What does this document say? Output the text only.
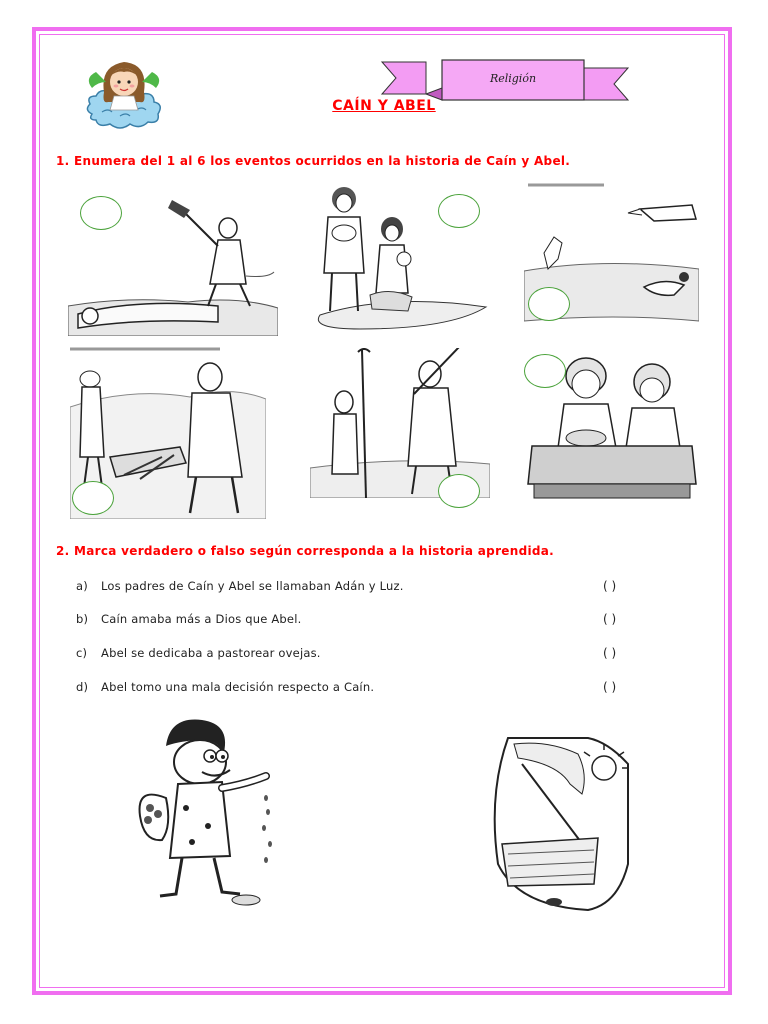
Religión
CAÍN Y ABEL
1. Enumera del 1 al 6 los eventos ocurridos en la historia de Caín y Abel.
2. Marca verdadero o falso según corresponda a la historia aprendida.
a) Los padres de Caín y Abel se llamaban Adán y Luz.	( )
b) Caín amaba más a Dios que Abel.	( )
c) Abel se dedicaba a pastorear ovejas.	( )
d) Abel tomo una mala decisión respecto a Caín.	( )
